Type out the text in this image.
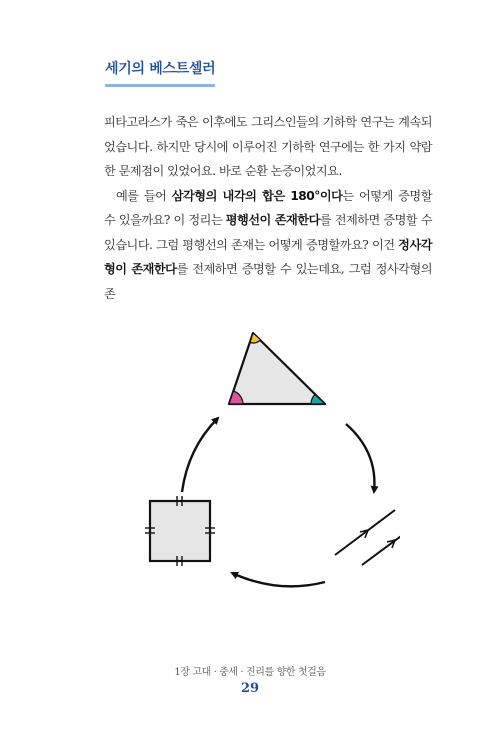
세기의 베스트셀러

피타고라스가 죽은 이후에도 그리스인들의 기하학 연구는 계속되었습니다. 하지만 당시에 이루어진 기하학 연구에는 한 가지 약람한 문제점이 있었어요. 바로 순환 논증이었지요.

예를 들어 삼각형의 내각의 합은 180°이다는 어떻게 증명할 수 있을까요? 이 정리는 평행선이 존재한다를 전제하면 증명할 수 있습니다. 그럼 평행선의 존재는 어떻게 증명할까요? 이건 정사각형이 존재한다를 전제하면 증명할 수 있는데요, 그럼 정사각형의 존

1장 고대 · 중세 · 진리를 향한 첫걸음
29
